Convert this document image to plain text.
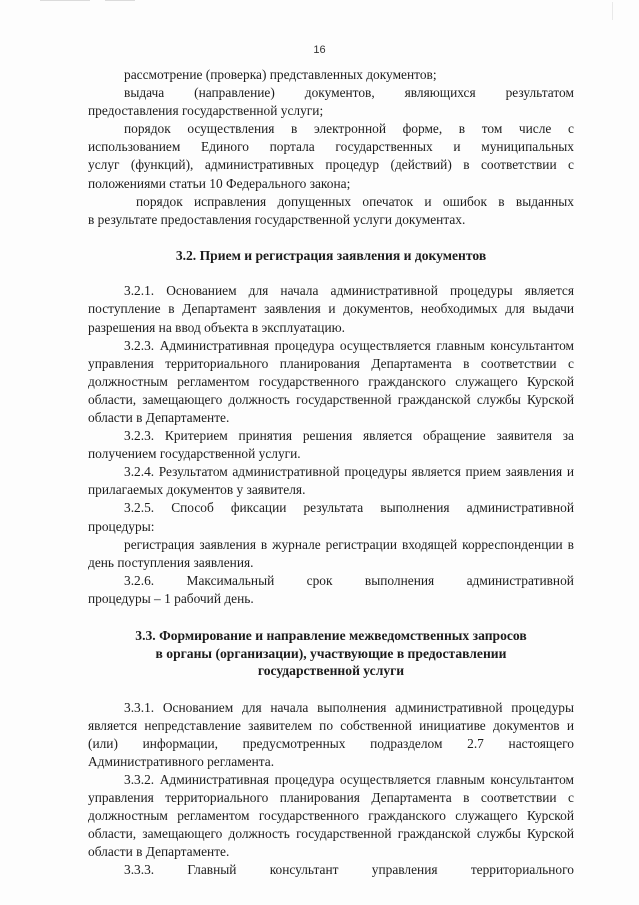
16

рассмотрение (проверка) представленных документов;

выдача (направление) документов, являющихся результатом

предоставления государственной услуги;

порядок осуществления в электронной форме, в том числе с
использованием Единого портала государственных и муниципальных

услуг (функций), административных процедур (действий) в соответствии с

положениями статьи 10 Федерального закона;

порядок исправления допущенных опечаток и ошибок в выданных

в результате предоставления государственной услуги документах.

3.2. Прием и регистрация заявления и документов

3.2.1. Основанием для начала административной процедуры является поступление в Департамент заявления и документов, необходимых для выдачи разрешения на ввод объекта в эксплуатацию.

3.2.3. Административная процедура осуществляется главным консультантом управления территориального планирования Департамента в соответствии с должностным регламентом государственного гражданского служащего Курской области, замещающего должность государственной гражданской службы Курской области в Департаменте.

3.2.3. Критерием принятия решения является обращение заявителя за получением государственной услуги.

3.2.4. Результатом административной процедуры является прием заявления и прилагаемых документов у заявителя.

3.2.5. Способ фиксации результата выполнения административной процедуры:

регистрация заявления в журнале регистрации входящей корреспонденции в день поступления заявления.

3.2.6. Максимальный срок выполнения административной

процедуры – 1 рабочий день.

3.3. Формирование и направление межведомственных запросов

в органы (организации), участвующие в предоставлении

государственной услуги

3.3.1. Основанием для начала выполнения административной процедуры является непредставление заявителем по собственной инициативе документов и (или) информации, предусмотренных подразделом 2.7 настоящего Административного регламента.

3.3.2. Административная процедура осуществляется главным консультантом управления территориального планирования Департамента в соответствии с должностным регламентом государственного гражданского служащего Курской области, замещающего должность государственной гражданской службы Курской области в Департаменте.

3.3.3. Главный консультант управления территориального
